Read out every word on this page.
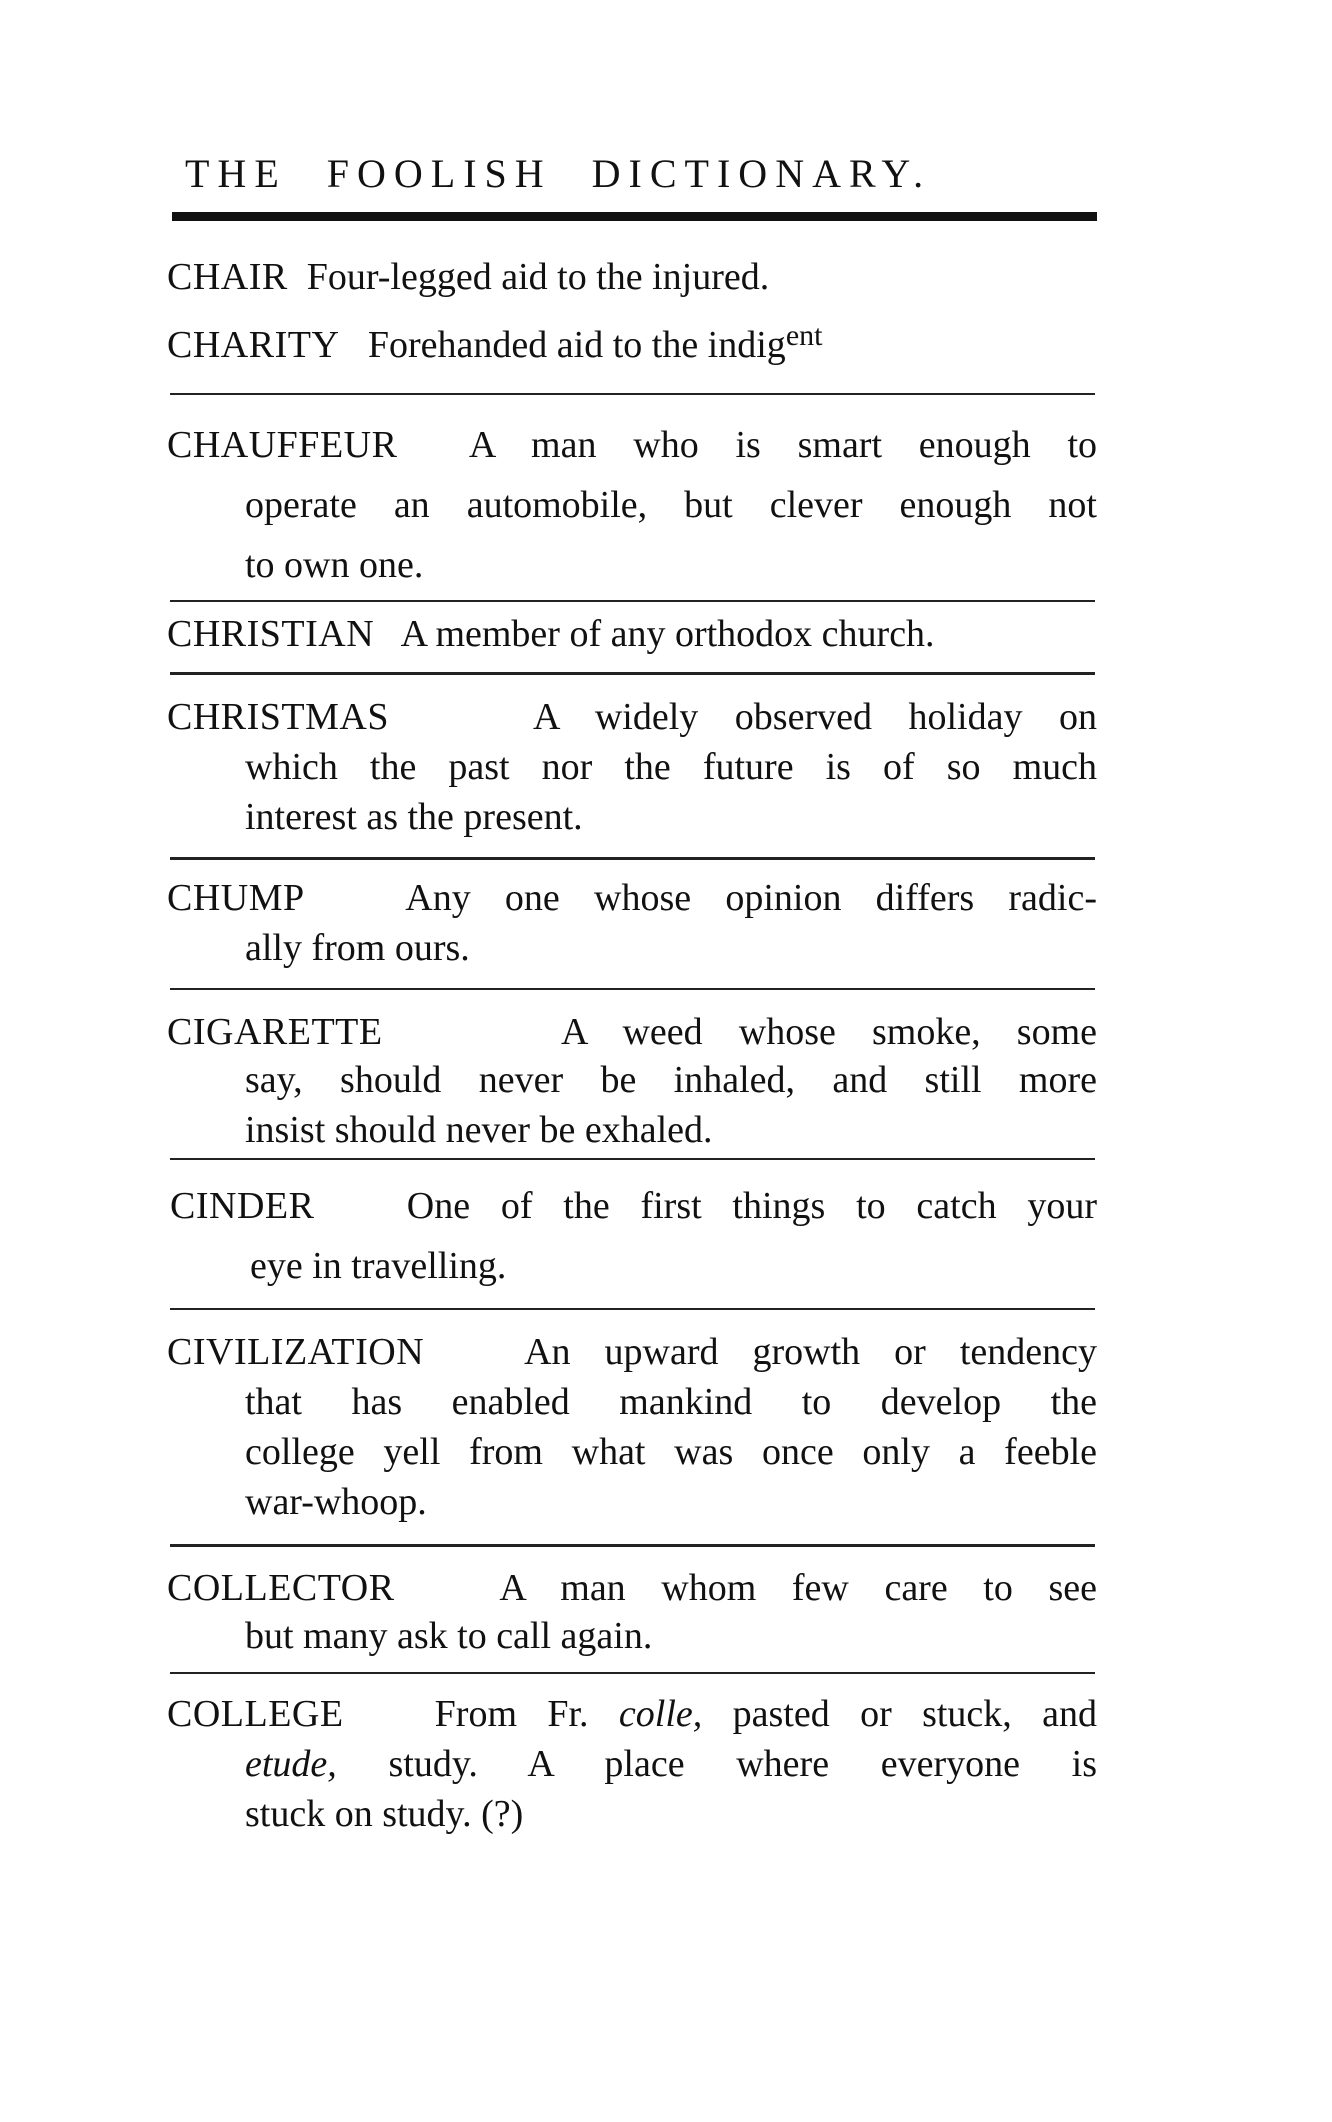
THE FOOLISH DICTIONARY.
CHAIR Four-legged aid to the injured.
CHARITY Forehanded aid to the indig$^{ent}$
CHAUFFEUR A man who is smart enough to
operate an automobile, but clever enough not
to own one.
CHRISTIAN A member of any orthodox church.
CHRISTMAS	A widely observed holiday on
which the past nor the future is of so much
interest as the present.
CHUMP	Any one whose opinion differs radic-
ally from ours.
CIGARETTE	A weed whose smoke, some
say, should never be inhaled, and still more
insist should never be exhaled.
CINDER One of the first things to catch your
eye in travelling.
CIVILIZATION	An upward growth or tendency
that has enabled mankind to develop the
college yell from what was once only a feeble
war-whoop.
COLLECTOR	A man whom few care to see
but many ask to call again.
COLLEGE From Fr. colle, pasted or stuck, and
etude, study. A place where everyone is
stuck on study. (?)
